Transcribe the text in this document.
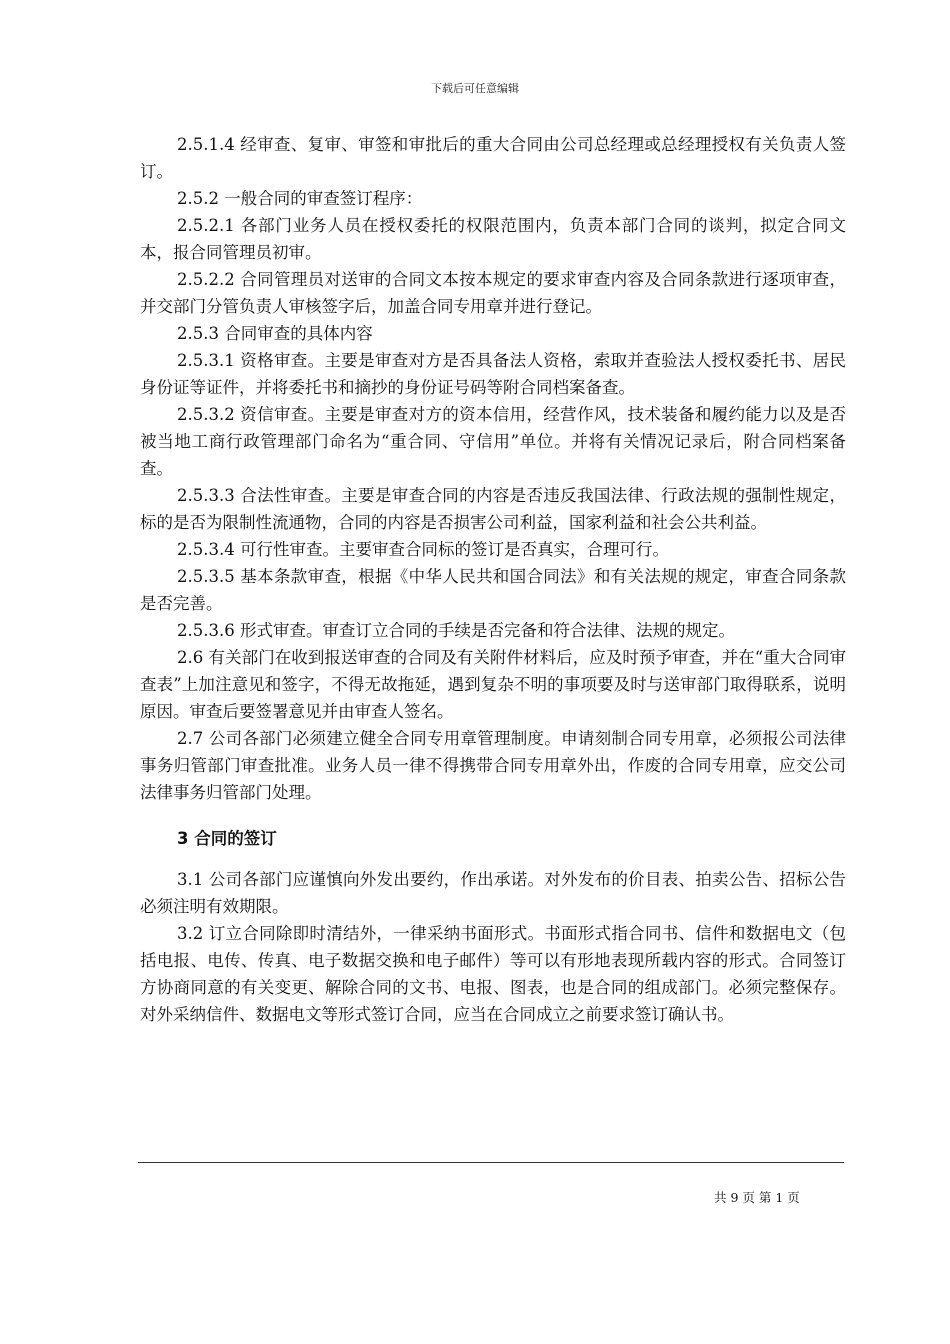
下载后可任意编辑

2.5.1.4 经审查、复审、审签和审批后的重大合同由公司总经理或总经理授权有关负责人签订。

2.5.2 一般合同的审查签订程序：

2.5.2.1 各部门业务人员在授权委托的权限范围内，负责本部门合同的谈判，拟定合同文本，报合同管理员初审。

2.5.2.2 合同管理员对送审的合同文本按本规定的要求审查内容及合同条款进行逐项审查，并交部门分管负责人审核签字后，加盖合同专用章并进行登记。

2.5.3 合同审查的具体内容

2.5.3.1 资格审查。主要是审查对方是否具备法人资格，索取并查验法人授权委托书、居民身份证等证件，并将委托书和摘抄的身份证号码等附合同档案备查。

2.5.3.2 资信审查。主要是审查对方的资本信用，经营作风，技术装备和履约能力以及是否被当地工商行政管理部门命名为“重合同、守信用”单位。并将有关情况记录后，附合同档案备查。

2.5.3.3 合法性审查。主要是审查合同的内容是否违反我国法律、行政法规的强制性规定，标的是否为限制性流通物，合同的内容是否损害公司利益，国家利益和社会公共利益。

2.5.3.4 可行性审查。主要审查合同标的签订是否真实，合理可行。

2.5.3.5 基本条款审查，根据《中华人民共和国合同法》和有关法规的规定，审查合同条款是否完善。

2.5.3.6 形式审查。审查订立合同的手续是否完备和符合法律、法规的规定。

2.6 有关部门在收到报送审查的合同及有关附件材料后，应及时预予审查，并在“重大合同审查表”上加注意见和签字，不得无故拖延，遇到复杂不明的事项要及时与送审部门取得联系，说明原因。审查后要签署意见并由审查人签名。

2.7 公司各部门必须建立健全合同专用章管理制度。申请刻制合同专用章，必须报公司法律事务归管部门审查批准。业务人员一律不得携带合同专用章外出，作废的合同专用章，应交公司法律事务归管部门处理。

3 合同的签订

3.1 公司各部门应谨慎向外发出要约，作出承诺。对外发布的价目表、拍卖公告、招标公告必须注明有效期限。

3.2 订立合同除即时清结外，一律采纳书面形式。书面形式指合同书、信件和数据电文（包括电报、电传、传真、电子数据交换和电子邮件）等可以有形地表现所载内容的形式。合同签订方协商同意的有关变更、解除合同的文书、电报、图表，也是合同的组成部门。必须完整保存。对外采纳信件、数据电文等形式签订合同，应当在合同成立之前要求签订确认书。

共 9 页 第 1 页
